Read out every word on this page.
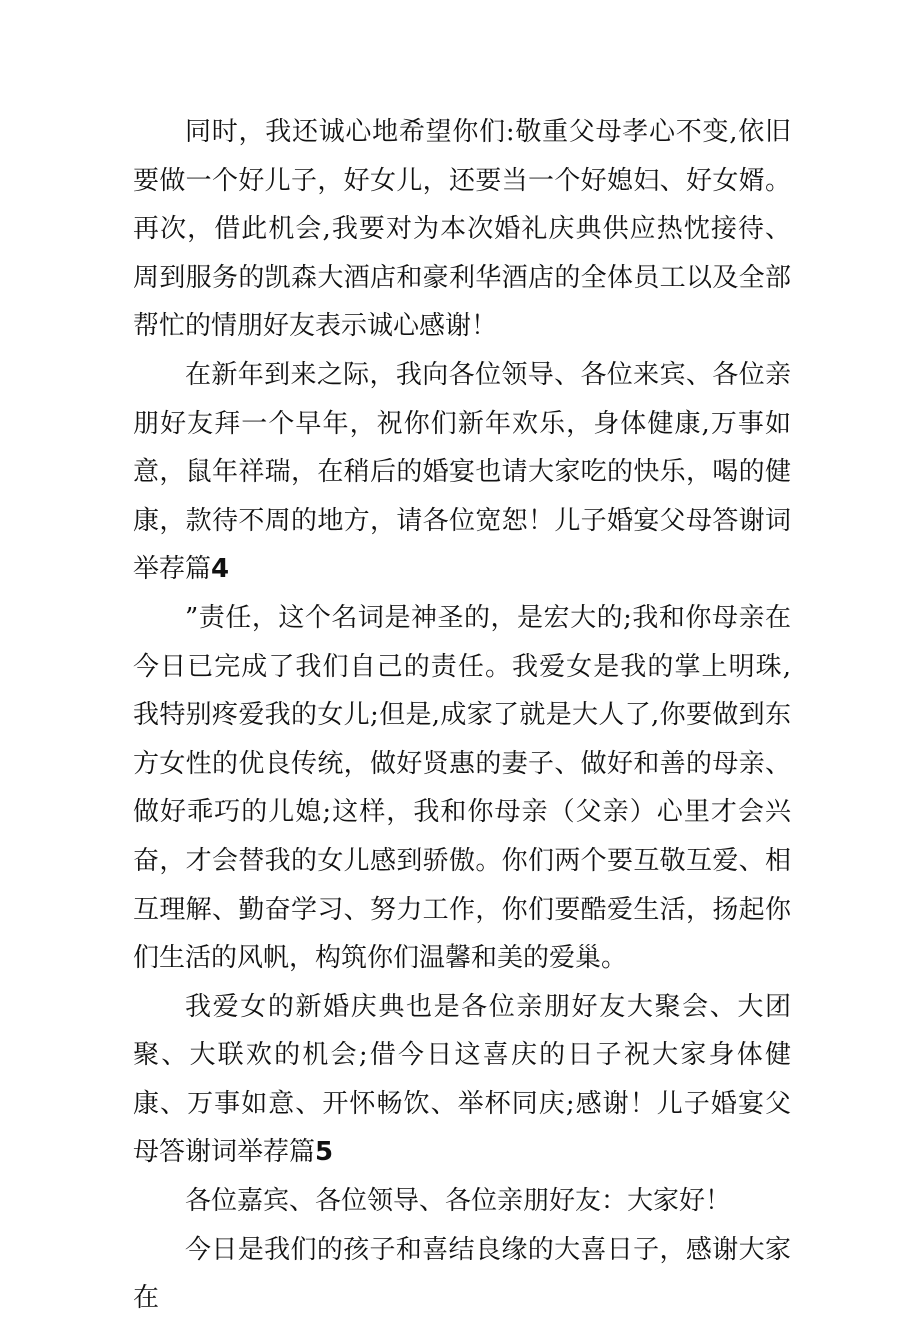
同时，我还诚心地希望你们:敬重父母孝心不变,依旧要做一个好儿子，好女儿，还要当一个好媳妇、好女婿。再次，借此机会,我要对为本次婚礼庆典供应热忱接待、周到服务的凯森大酒店和豪利华酒店的全体员工以及全部帮忙的情朋好友表示诚心感谢！

在新年到来之际，我向各位领导、各位来宾、各位亲朋好友拜一个早年，祝你们新年欢乐，身体健康,万事如意，鼠年祥瑞，在稍后的婚宴也请大家吃的快乐，喝的健康，款待不周的地方，请各位宽恕！儿子婚宴父母答谢词举荐篇4

”责任，这个名词是神圣的，是宏大的;我和你母亲在今日已完成了我们自己的责任。我爱女是我的掌上明珠,我特别疼爱我的女儿;但是,成家了就是大人了,你要做到东方女性的优良传统，做好贤惠的妻子、做好和善的母亲、做好乖巧的儿媳;这样，我和你母亲（父亲）心里才会兴奋，才会替我的女儿感到骄傲。你们两个要互敬互爱、相互理解、勤奋学习、努力工作，你们要酷爱生活，扬起你们生活的风帆，构筑你们温馨和美的爱巢。

我爱女的新婚庆典也是各位亲朋好友大聚会、大团聚、大联欢的机会;借今日这喜庆的日子祝大家身体健康、万事如意、开怀畅饮、举杯同庆;感谢！儿子婚宴父母答谢词举荐篇5

各位嘉宾、各位领导、各位亲朋好友：大家好！

今日是我们的孩子和喜结良缘的大喜日子，感谢大家在
